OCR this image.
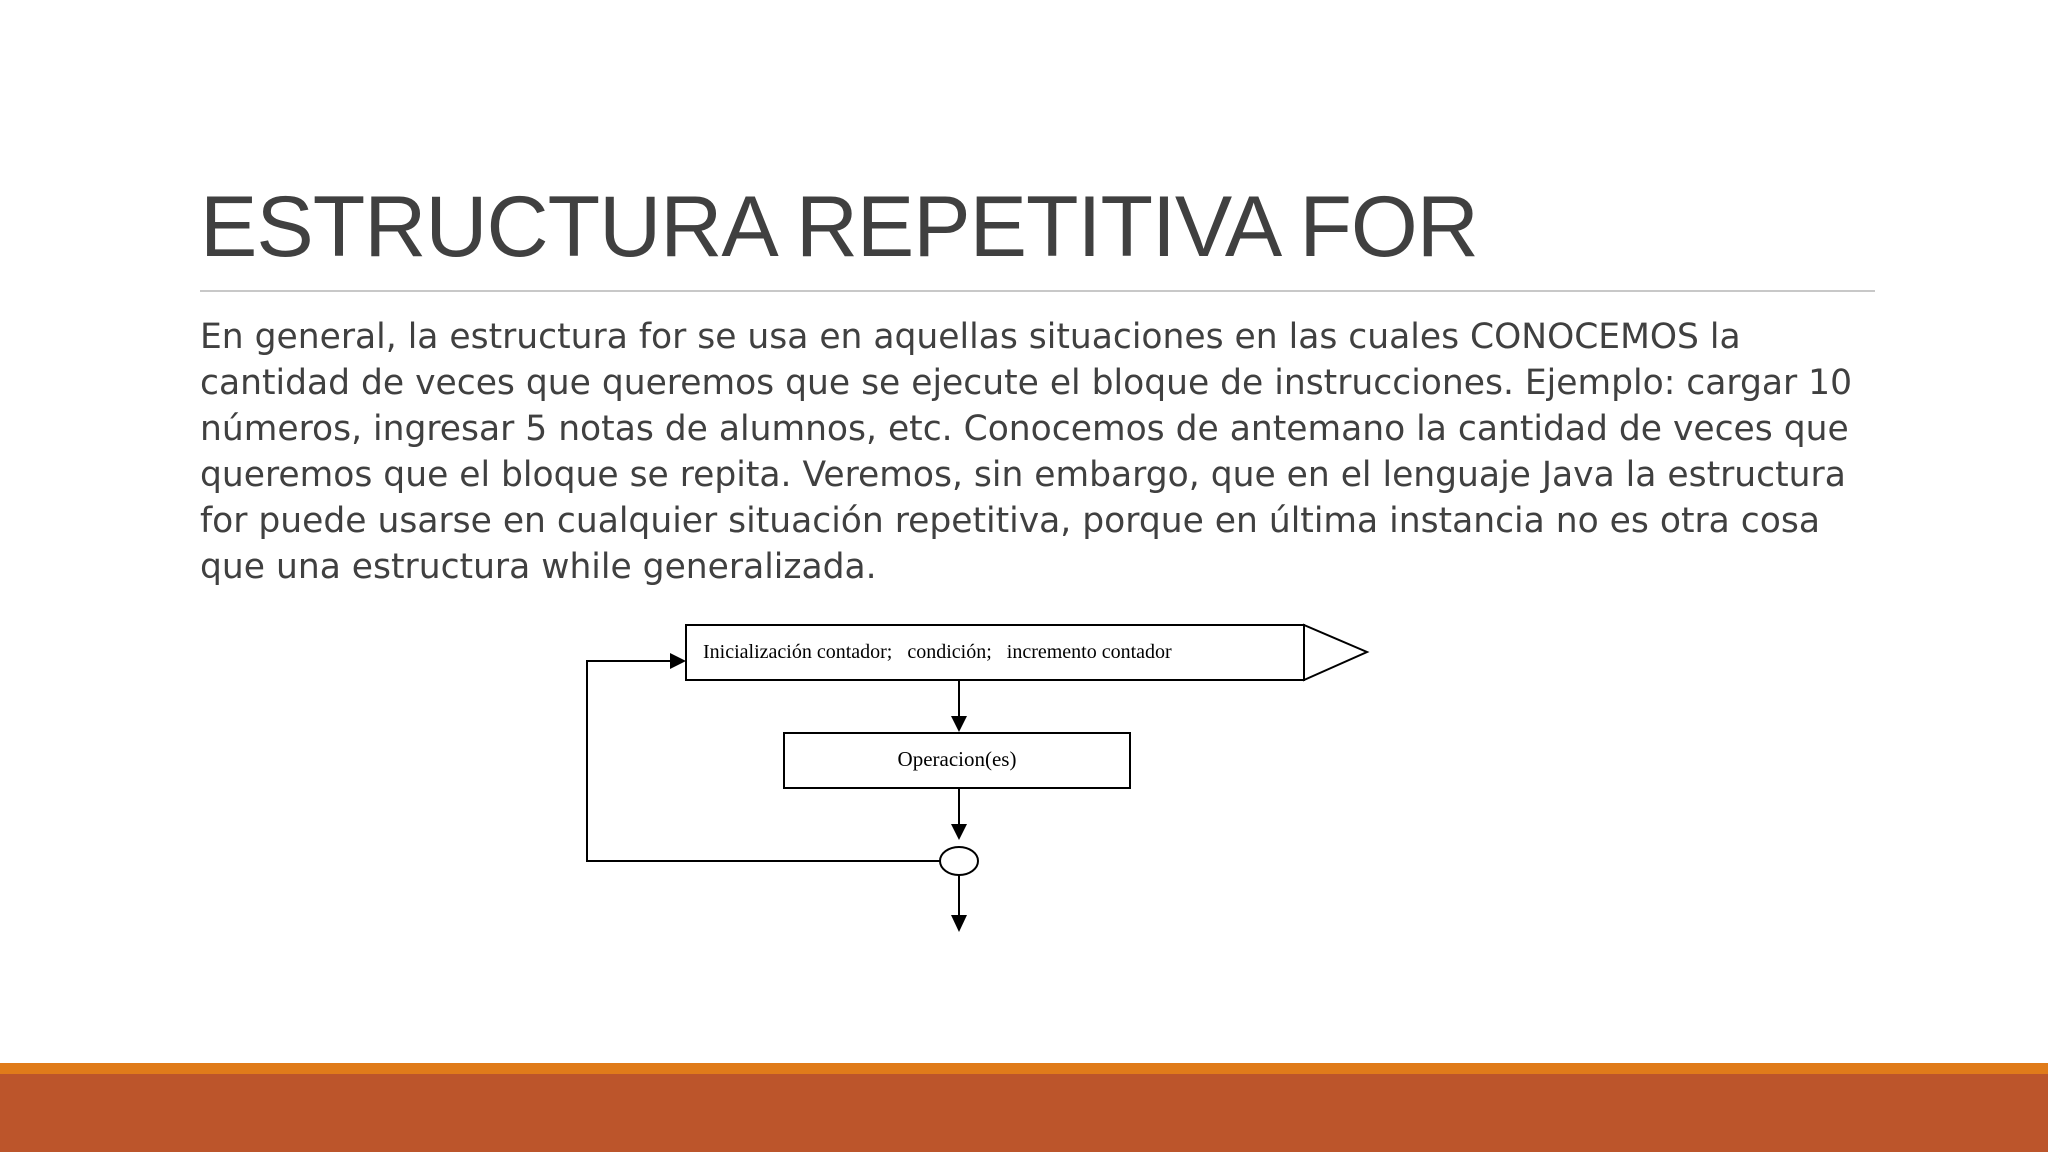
ESTRUCTURA REPETITIVA FOR

En general, la estructura for se usa en aquellas situaciones en las cuales CONOCEMOS la cantidad de veces que queremos que se ejecute el bloque de instrucciones. Ejemplo: cargar 10 números, ingresar 5 notas de alumnos, etc. Conocemos de antemano la cantidad de veces que queremos que el bloque se repita. Veremos, sin embargo, que en el lenguaje Java la estructura for puede usarse en cualquier situación repetitiva, porque en última instancia no es otra cosa que una estructura while generalizada.

Inicialización contador;   condición;   incremento contador
Operacion(es)
